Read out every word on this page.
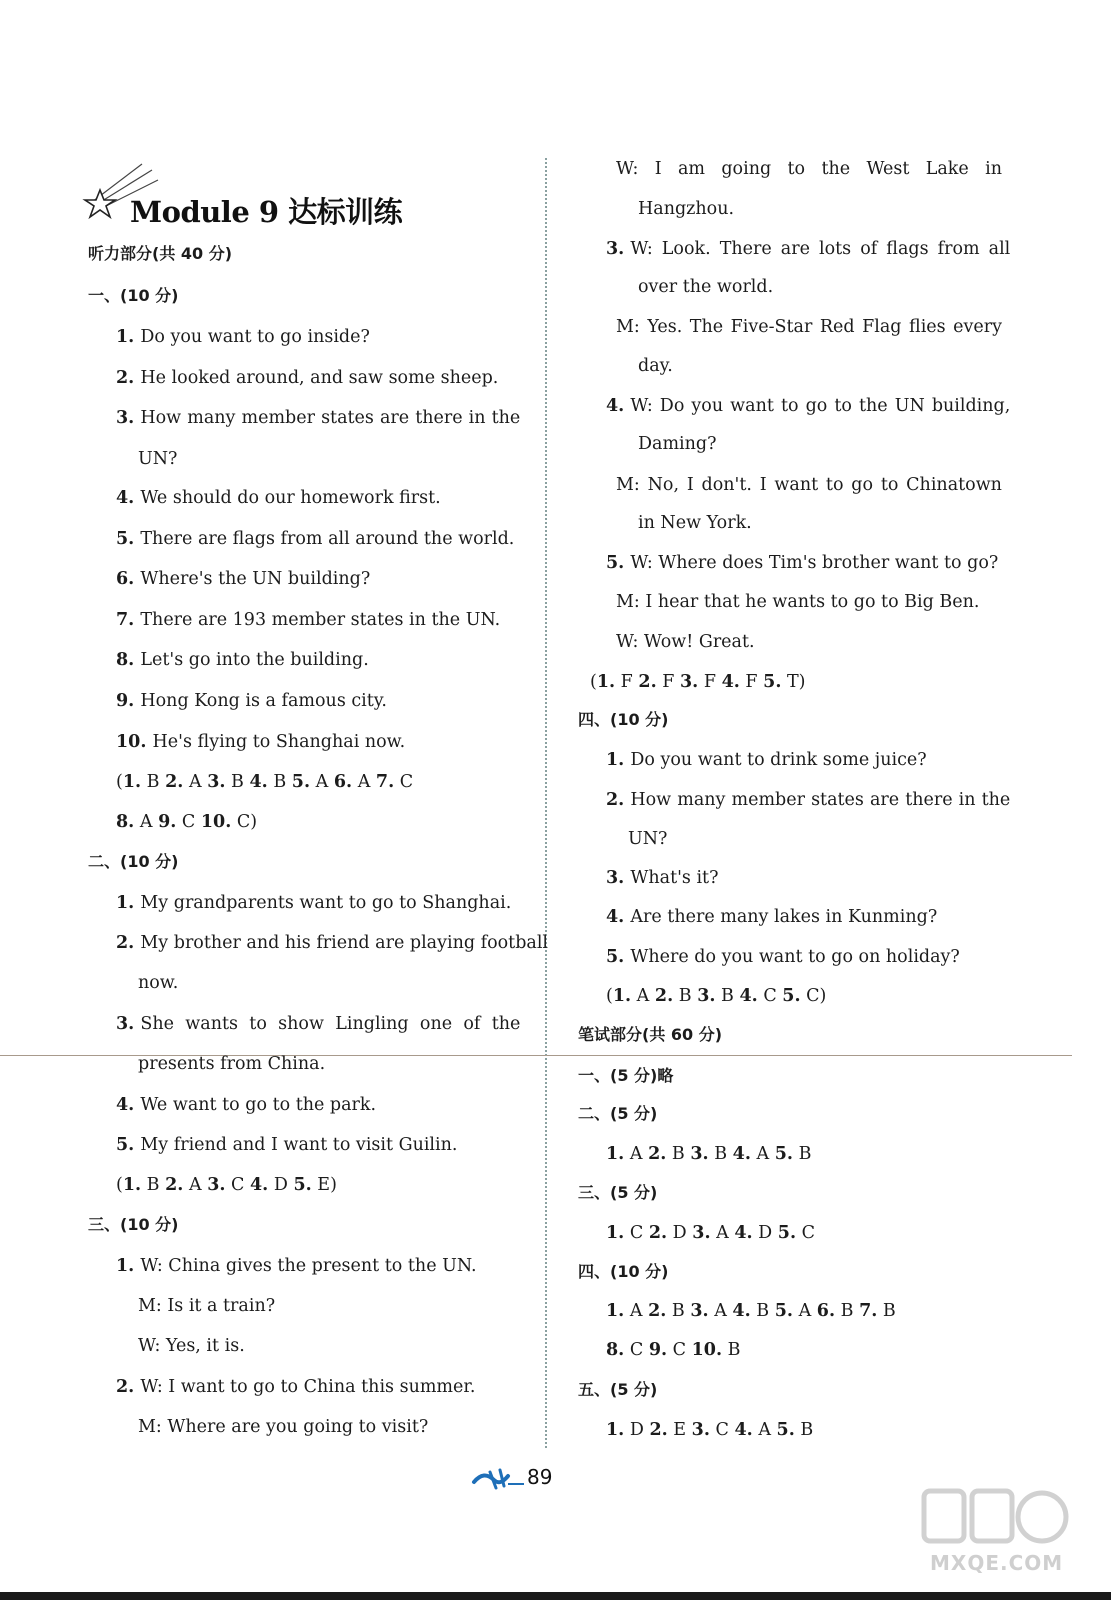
Module 9 达标训练
听力部分(共 40 分)
一、(10 分)
1. Do you want to go inside?
2. He looked around, and saw some sheep.
3. How many member states are there in the
UN?
4. We should do our homework first.
5. There are flags from all around the world.
6. Where's the UN building?
7. There are 193 member states in the UN.
8. Let's go into the building.
9. Hong Kong is a famous city.
10. He's flying to Shanghai now.
(1. B 2. A 3. B 4. B 5. A 6. A 7. C
8. A 9. C 10. C)
二、(10 分)
1. My grandparents want to go to Shanghai.
2. My brother and his friend are playing football
now.
3. She wants to show Lingling one of the
presents from China.
4. We want to go to the park.
5. My friend and I want to visit Guilin.
(1. B 2. A 3. C 4. D 5. E)
三、(10 分)
1. W: China gives the present to the UN.
M: Is it a train?
W: Yes, it is.
2. W: I want to go to China this summer.
M: Where are you going to visit?
W: I am going to the West Lake in
Hangzhou.
3. W: Look. There are lots of flags from all
over the world.
M: Yes. The Five-Star Red Flag flies every
day.
4. W: Do you want to go to the UN building,
Daming?
M: No, I don't. I want to go to Chinatown
in New York.
5. W: Where does Tim's brother want to go?
M: I hear that he wants to go to Big Ben.
W: Wow! Great.
(1. F 2. F 3. F 4. F 5. T)
四、(10 分)
1. Do you want to drink some juice?
2. How many member states are there in the
UN?
3. What's it?
4. Are there many lakes in Kunming?
5. Where do you want to go on holiday?
(1. A 2. B 3. B 4. C 5. C)
笔试部分(共 60 分)
一、(5 分)略
二、(5 分)
1. A 2. B 3. B 4. A 5. B
三、(5 分)
1. C 2. D 3. A 4. D 5. C
四、(10 分)
1. A 2. B 3. A 4. B 5. A 6. B 7. B
8. C 9. C 10. B
五、(5 分)
1. D 2. E 3. C 4. A 5. B
89
MXQE.COM
